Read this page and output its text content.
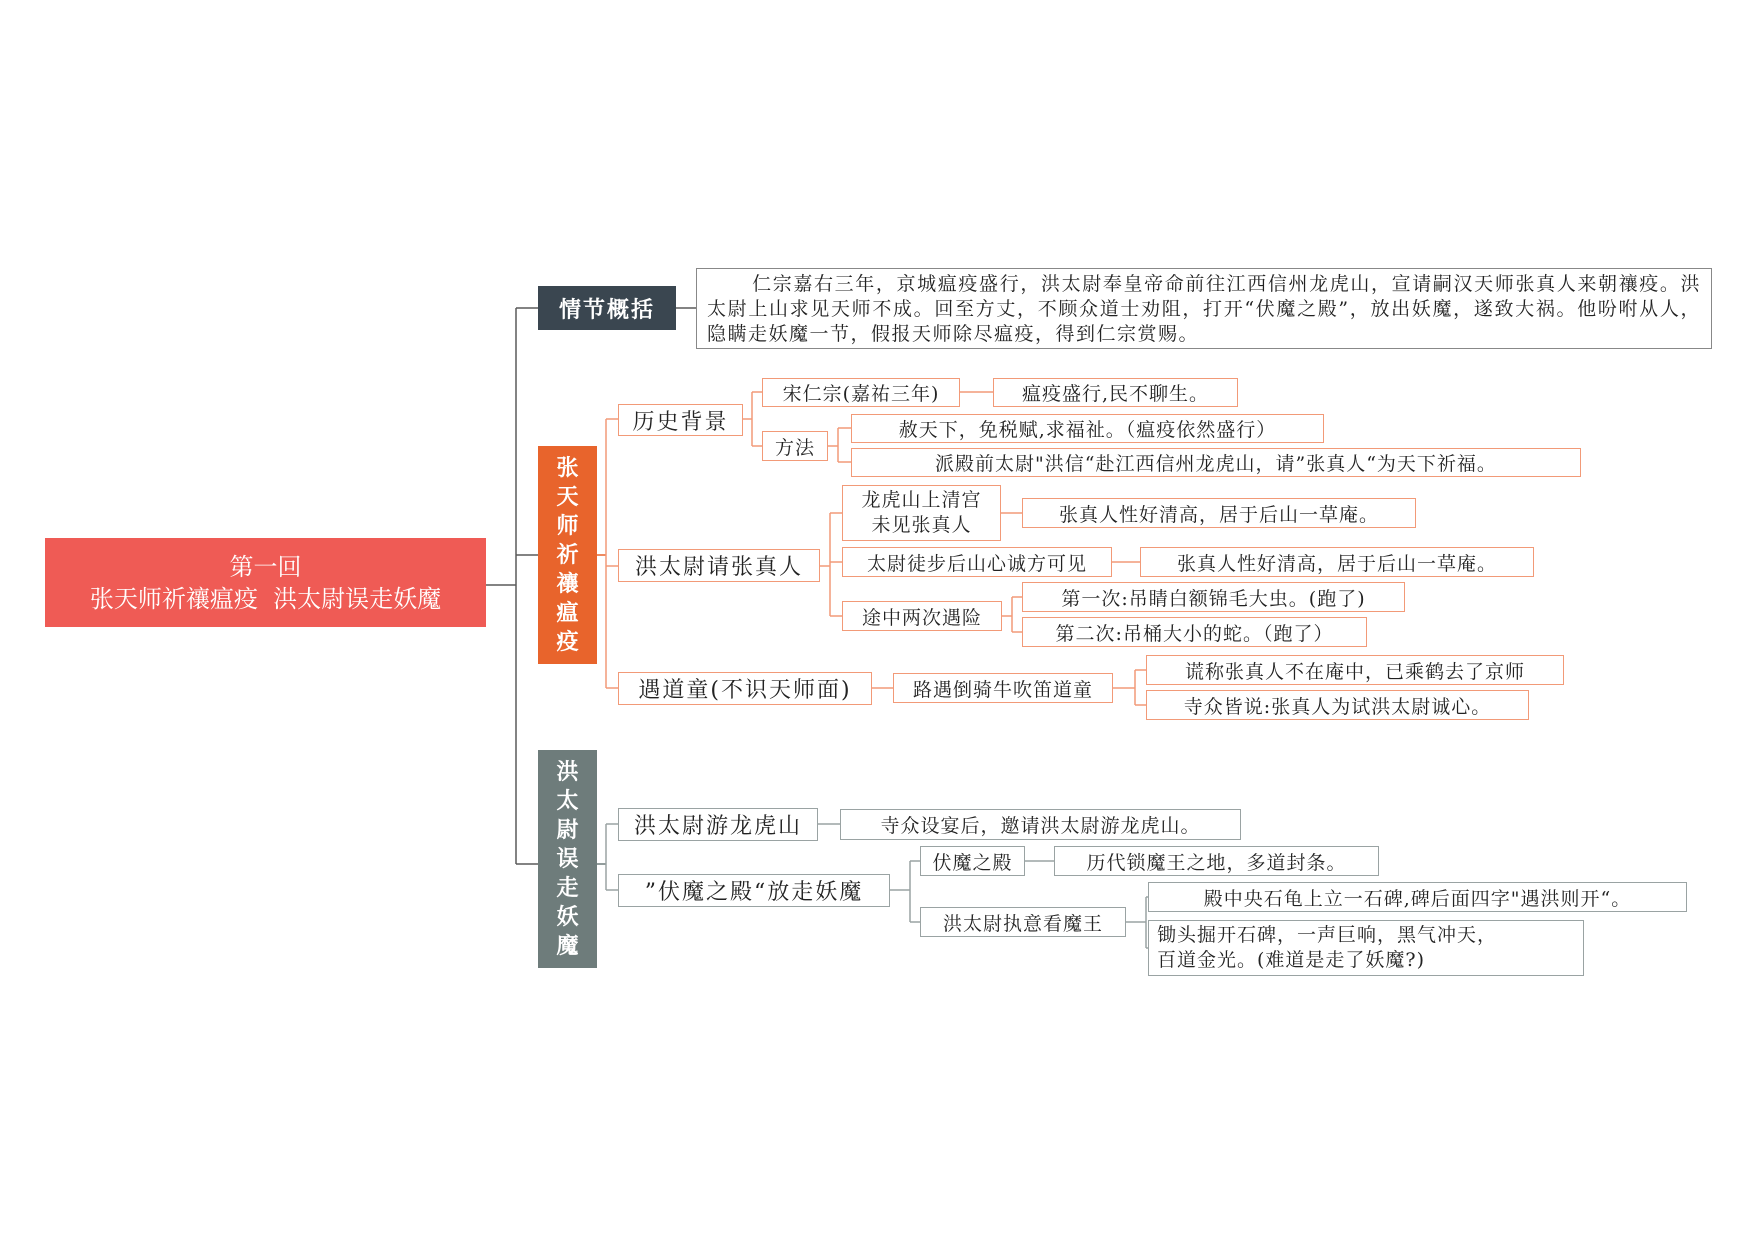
第一回
张天师祈禳瘟疫  洪太尉误走妖魔
情节概括
仁宗嘉右三年，京城瘟疫盛行，洪太尉奉皇帝命前往江西信州龙虎山，宣请嗣汉天师张真人来朝禳疫。洪太尉上山求见天师不成。回至方丈，不顾众道士劝阻，打开“伏魔之殿”，放出妖魔，遂致大祸。他吩咐从人，隐瞒走妖魔一节，假报天师除尽瘟疫，得到仁宗赏赐。
张
天
师
祈
禳
瘟
疫
历史背景
宋仁宗(嘉祐三年)	瘟疫盛行,民不聊生。
方法
赦天下，免税赋,求福祉。（瘟疫依然盛行）
派殿前太尉"洪信“赴江西信州龙虎山，请”张真人“为天下祈福。
洪太尉请张真人
龙虎山上清宫
未见张真人	张真人性好清高，居于后山一草庵。
太尉徒步后山心诚方可见	张真人性好清高，居于后山一草庵。
途中两次遇险
第一次:吊睛白额锦毛大虫。(跑了)
第二次:吊桶大小的蛇。（跑了）
遇道童(不识天师面)	路遇倒骑牛吹笛道童
谎称张真人不在庵中，已乘鹤去了京师
寺众皆说:张真人为试洪太尉诚心。
洪
太
尉
误
走
妖
魔
洪太尉游龙虎山	寺众设宴后，邀请洪太尉游龙虎山。
”伏魔之殿“放走妖魔
伏魔之殿	历代锁魔王之地，多道封条。
洪太尉执意看魔王
殿中央石龟上立一石碑,碑后面四字"遇洪则开“。
锄头掘开石碑，一声巨响，黑气冲天，
百道金光。(难道是走了妖魔?)
